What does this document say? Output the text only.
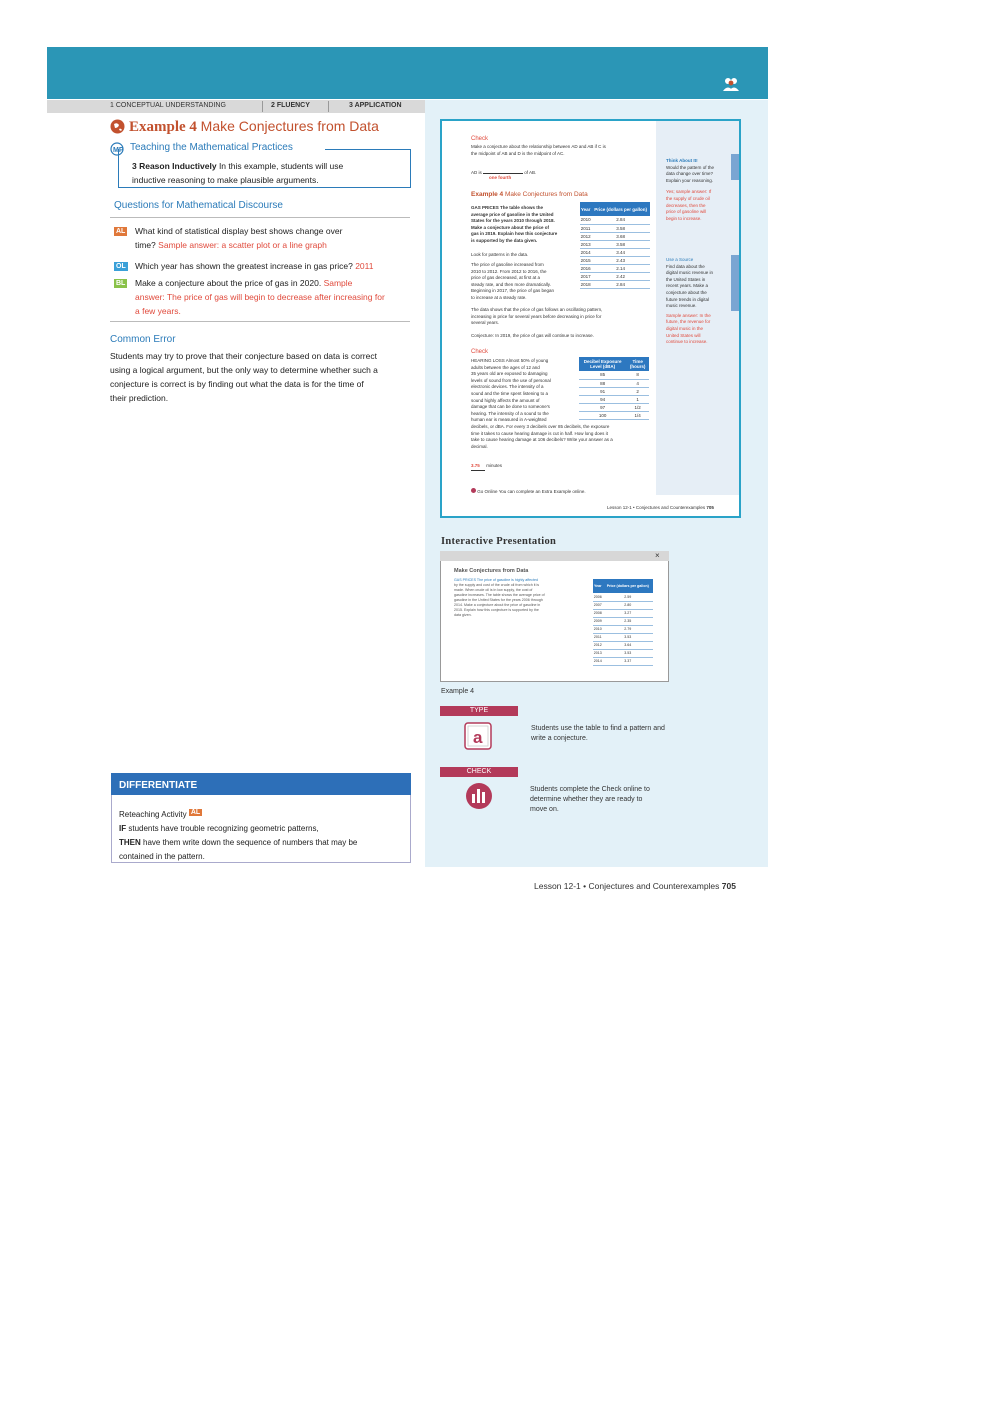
1 CONCEPTUAL UNDERSTANDING	2 FLUENCY	3 APPLICATION
Example 4 Make Conjectures from Data
MP Teaching the Mathematical Practices
3 Reason Inductively In this example, students will use
inductive reasoning to make plausible arguments.
Questions for Mathematical Discourse
AL What kind of statistical display best shows change over
time? Sample answer: a scatter plot or a line graph
OL Which year has shown the greatest increase in gas price? 2011
BL Make a conjecture about the price of gas in 2020. Sample
answer: The price of gas will begin to decrease after increasing for
a few years.
Common Error
Students may try to prove that their conjecture based on data is correct
using a logical argument, but the only way to determine whether such a
conjecture is correct is by finding out what the data is for the time of
their prediction.
DIFFERENTIATE
Reteaching Activity AL
IF students have trouble recognizing geometric patterns,
THEN have them write down the sequence of numbers that may be
contained in the pattern.
Check
Make a conjecture about the relationship between AD and AB if C is
the midpoint of AB and D is the midpoint of AC.
AD is	of AB.
one fourth
Example 4 Make Conjectures from Data
GAS PRICES The table shows the
average price of gasoline in the United
States for the years 2010 through 2018.
Make a conjecture about the price of
gas in 2019. Explain how this conjecture
is supported by the data given.
Look for patterns in the data.
The price of gasoline increased from
2010 to 2012. From 2012 to 2016, the
price of gas decreased, at first at a
steady rate, and then more dramatically.
Beginning in 2017, the price of gas began
to increase at a steady rate.
The data shows that the price of gas follows an oscillating pattern,
increasing in price for several years before decreasing in price for
several years.
Conjecture: In 2019, the price of gas will continue to increase.
Year	Price (dollars per gallon)
2010	2.84
2011	3.58
2012	3.68
2013	3.58
2014	3.44
2015	2.43
2016	2.14
2017	2.42
2018	2.84
Check
HEARING LOSS Almost 50% of young
adults between the ages of 12 and
35 years old are exposed to damaging
levels of sound from the use of personal
electronic devices. The intensity of a
sound and the time spent listening to a
sound highly affects the amount of
damage that can be done to someone's
hearing. The intensity of a sound to the
human ear is measured in A-weighted
decibels, or dBA. For every 3 decibels over 85 decibels, the exposure
time it takes to cause hearing damage is cut in half. How long does it
take to cause hearing damage at 106 decibels? Write your answer as a
decimal.
3.75 minutes
Decibel Exposure Level (dBA)	Time (hours)
85	8
88	4
91	2
94	1
97	1/2
100	1/4
Go Online You can complete an Extra Example online.
Lesson 12-1 • Conjectures and Counterexamples 705
Think About It!
Would the pattern of the
data change over time?
Explain your reasoning.
Yes; sample answer: If
the supply of crude oil
decreases, then the
price of gasoline will
begin to increase.
Use a Source
Find data about the
digital music revenue in
the United States in
recent years. Make a
conjecture about the
future trends in digital
music revenue.
Sample answer: In the
future, the revenue for
digital music in the
United States will
continue to increase.
Interactive Presentation
×
Make Conjectures from Data
GAS PRICES The price of gasoline is highly affected
by the supply and cost of the crude oil from which it is
made. When crude oil is in low supply, the cost of
gasoline increases. The table shows the average price of
gasoline in the United States for the years 2006 through
2014. Make a conjecture about the price of gasoline in
2015. Explain how this conjecture is supported by the
data given.
Year	Price (dollars per gallon)
2006	2.59
2007	2.80
2008	3.27
2009	2.35
2010	2.79
2011	3.53
2012	3.64
2013	3.53
2014	3.37
Example 4
TYPE
a	Students use the table to find a pattern and
write a conjecture.
CHECK
Students complete the Check online to
determine whether they are ready to
move on.
Lesson 12-1 • Conjectures and Counterexamples 705
